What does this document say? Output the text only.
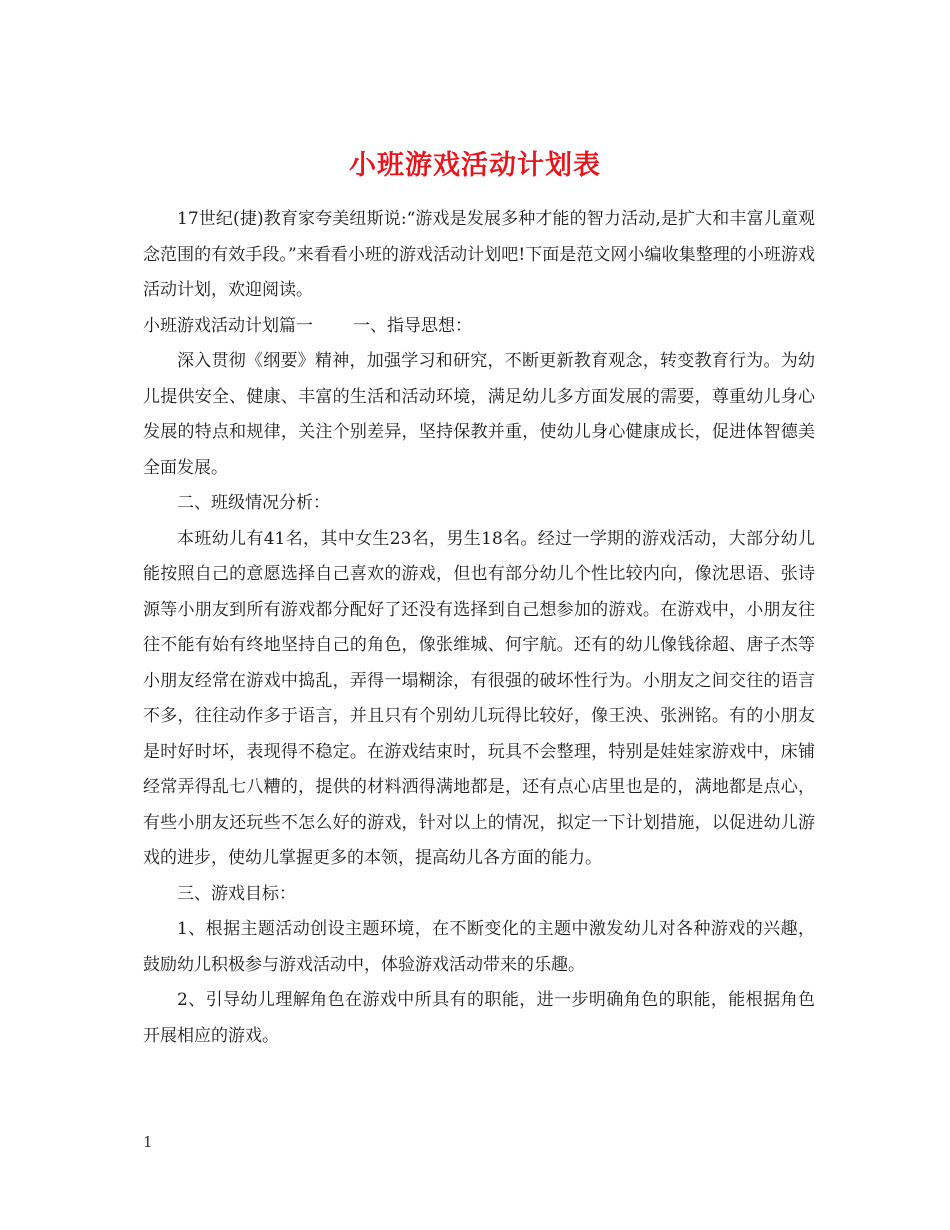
小班游戏活动计划表

17世纪(捷)教育家夸美纽斯说:“游戏是发展多种才能的智力活动,是扩大和丰富儿童观念范围的有效手段。”来看看小班的游戏活动计划吧!下面是范文网小编收集整理的小班游戏活动计划，欢迎阅读。

小班游戏活动计划篇一 一、指导思想：

深入贯彻《纲要》精神，加强学习和研究，不断更新教育观念，转变教育行为。为幼儿提供安全、健康、丰富的生活和活动环境，满足幼儿多方面发展的需要，尊重幼儿身心发展的特点和规律，关注个别差异，坚持保教并重，使幼儿身心健康成长，促进体智德美全面发展。

二、班级情况分析：

本班幼儿有41名，其中女生23名，男生18名。经过一学期的游戏活动，大部分幼儿能按照自己的意愿选择自己喜欢的游戏，但也有部分幼儿个性比较内向，像沈思语、张诗源等小朋友到所有游戏都分配好了还没有选择到自己想参加的游戏。在游戏中，小朋友往往不能有始有终地坚持自己的角色，像张维城、何宇航。还有的幼儿像钱徐超、唐子杰等小朋友经常在游戏中捣乱，弄得一塌糊涂，有很强的破坏性行为。小朋友之间交往的语言不多，往往动作多于语言，并且只有个别幼儿玩得比较好，像王泱、张洲铭。有的小朋友是时好时坏，表现得不稳定。在游戏结束时，玩具不会整理，特别是娃娃家游戏中，床铺经常弄得乱七八糟的，提供的材料洒得满地都是，还有点心店里也是的，满地都是点心，有些小朋友还玩些不怎么好的游戏，针对以上的情况，拟定一下计划措施，以促进幼儿游戏的进步，使幼儿掌握更多的本领，提高幼儿各方面的能力。

三、游戏目标：

1、根据主题活动创设主题环境，在不断变化的主题中激发幼儿对各种游戏的兴趣，鼓励幼儿积极参与游戏活动中，体验游戏活动带来的乐趣。

2、引导幼儿理解角色在游戏中所具有的职能，进一步明确角色的职能，能根据角色开展相应的游戏。

1
